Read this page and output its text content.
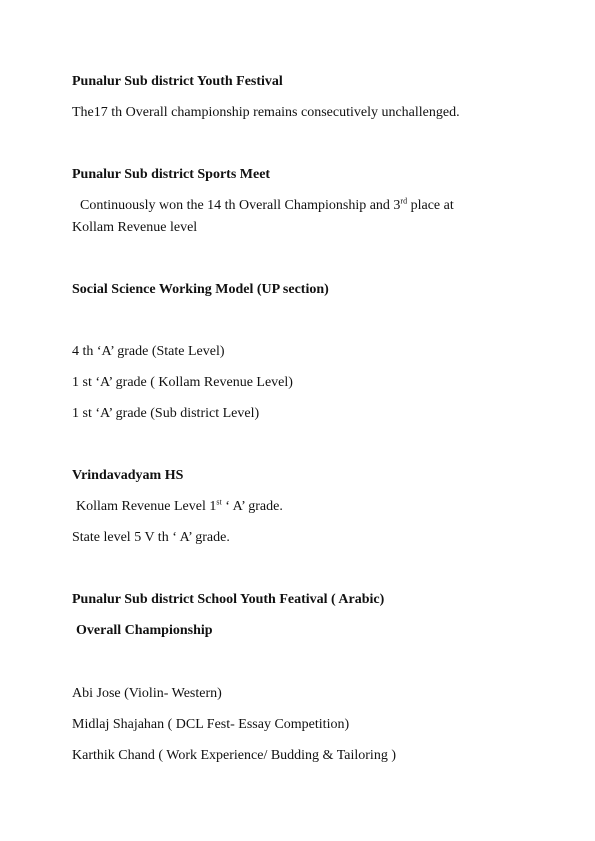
Punalur Sub district Youth Festival
The17 th Overall championship remains consecutively unchallenged.
Punalur Sub district Sports Meet
Continuously won the 14 th Overall Championship and 3rd place at
Kollam Revenue level
Social Science Working Model (UP section)
4 th ‘A’ grade (State Level)
1 st ‘A’ grade ( Kollam Revenue Level)
1 st ‘A’ grade (Sub district Level)
Vrindavadyam HS
Kollam Revenue Level 1st ‘ A’ grade.
State level 5 V th ‘ A’ grade.
Punalur Sub district School Youth Featival ( Arabic)
Overall Championship
Abi Jose (Violin- Western)
Midlaj Shajahan ( DCL Fest- Essay Competition)
Karthik Chand ( Work Experience/ Budding & Tailoring )
